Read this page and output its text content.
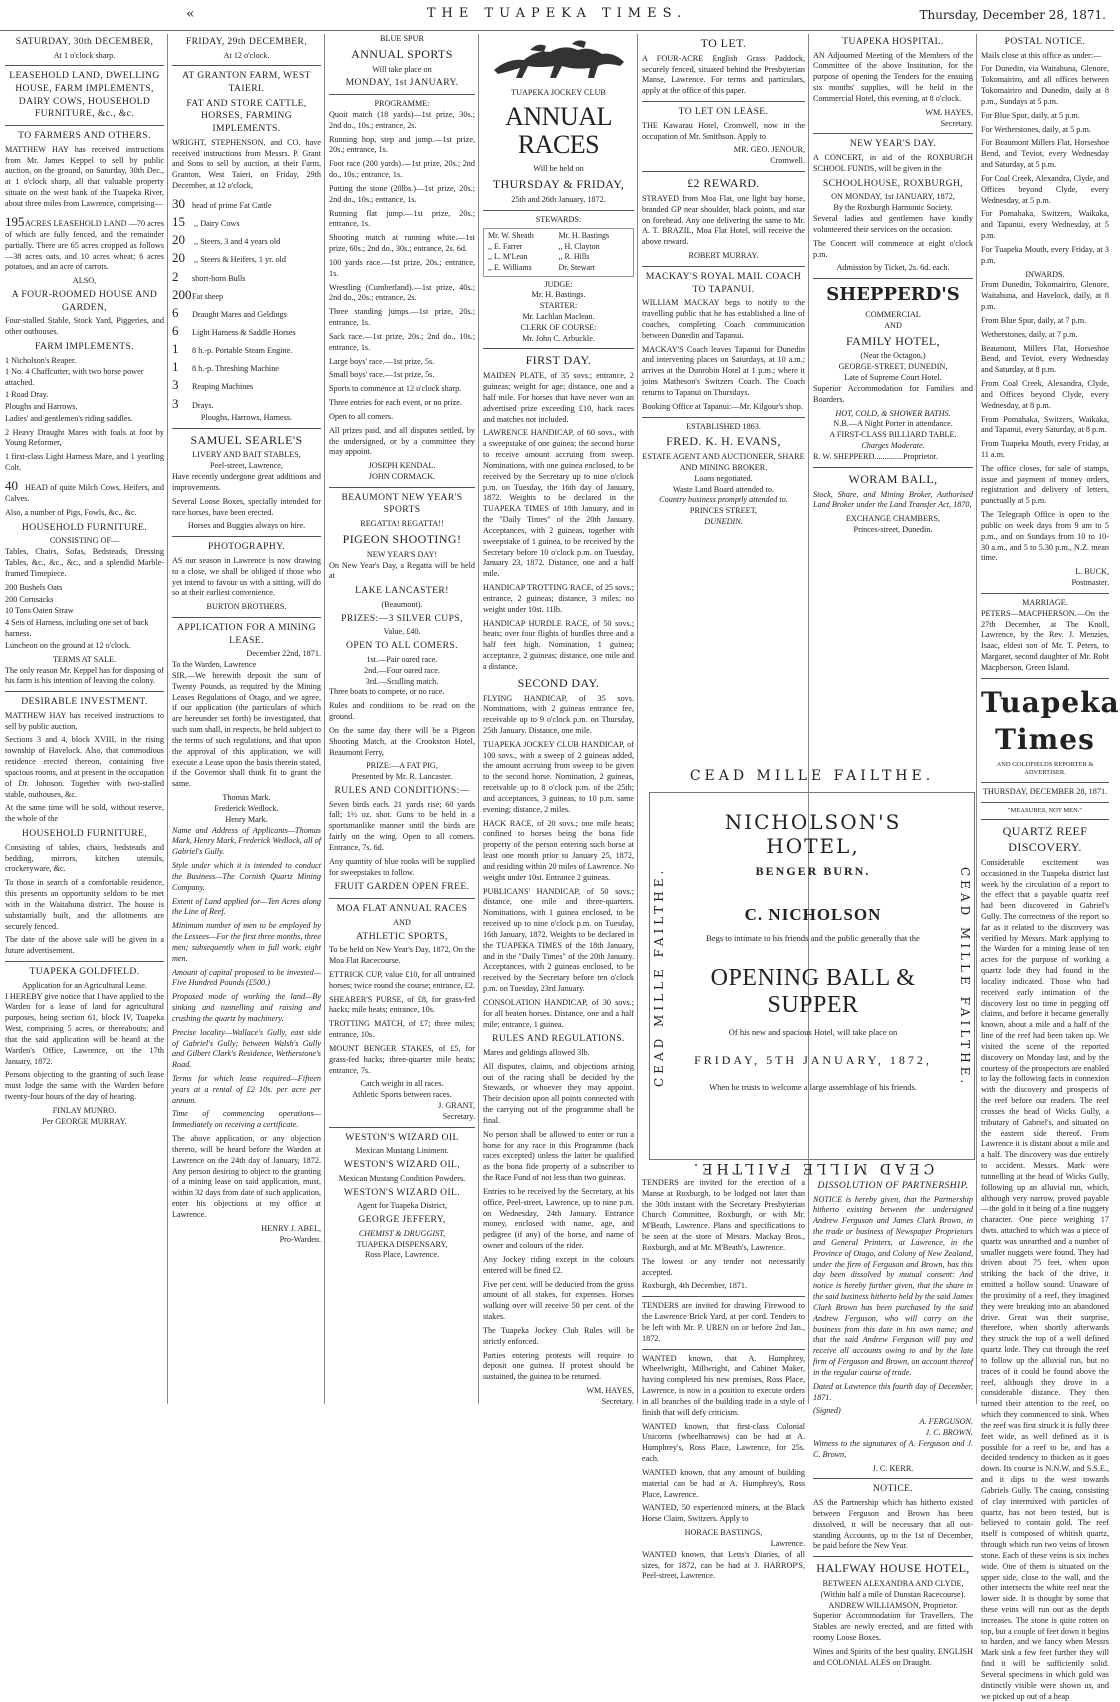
«	THE TUAPEKA TIMES.	Thursday, December 28, 1871.
SATURDAY, 30th DECEMBER,
At 1 o'clock sharp.
LEASEHOLD LAND, DWELLING HOUSE, FARM IMPLEMENTS, DAIRY COWS, HOUSEHOLD FURNITURE, &c., &c.
TO FARMERS AND OTHERS.

MATTHEW HAY has received instructions from Mr. James Keppel to sell by public auction, on the ground, on Saturday, 30th Dec., at 1 o'clock sharp, all that valuable property situate on the west bank of the Tuapeka River, about three miles from Lawrence, comprising—

195ACRES LEASEHOLD LAND —70 acres of which are fully fenced, and the remainder partially. There are 65 acres cropped as follows —38 acres oats, and 10 acres wheat; 6 acres potatoes, and an acre of carrots.

ALSO,
A FOUR-ROOMED HOUSE AND GARDEN,

Four-stalled Stable, Stock Yard, Piggeries, and other outhouses.

FARM IMPLEMENTS.
1 Nicholson's Reaper.
1 No. 4 Chaffcutter, with two horse power attached.
1 Road Dray.
Ploughs and Harrows.

Ladies' and gentlemen's riding saddles.

2 Heavy Draught Mares with foals at foot by Young Reformer,

1 first-class Light Harness Mare, and 1 yearling Colt.

40 HEAD of quite Milch Cows, Heifers, and Calves.

Also, a number of Pigs, Fowls, &c., &c.

HOUSEHOLD FURNITURE.
CONSISTING OF—

Tables, Chairs, Sofas, Bedsteads, Dressing Tables, &c., &c., &c., and a splendid Marble-framed Timepiece.

200 Bushels Oats
200 Cornsacks
10 Tons Oaten Straw
4 Sets of Harness, including one set of back harness.

Luncheon on the ground at 12 o'clock.

TERMS AT SALE.

The only reason Mr. Keppel has for disposing of his farm is his intention of leaving the colony.

DESIRABLE INVESTMENT.

MATTHEW HAY has received instructions to sell by public auction,

Sections 3 and 4, block XVIII, in the rising township of Havelock. Also, that commodious residence erected thereon, containing five spacious rooms, and at present in the occupation of Dr. Johnson. Together with two-stalled stable, outhouses, &c.

At the same time will be sold, without reserve, the whole of the

HOUSEHOLD FURNITURE,

Consisting of tables, chairs, bedsteads and bedding, mirrors, kitchen utensils, crockeryware, &c.

To those in search of a comfortable residence, this presents an opportunity seldom to be met with in the Waitahuna district. The house is substantially built, and the allotments are securely fenced.

The date of the above sale will be given in a future advertisement.

TUAPEKA GOLDFIELD.
Application for an Agricultural Lease.

I HEREBY give notice that I have applied to the Warden for a lease of land for agricultural purposes, being section 61, block IV, Tuapeka West, comprising 5 acres, or thereabouts; and that the said application will be heard at the Warden's Office, Lawrence, on the 17th January, 1872.

Persons objecting to the granting of such lease must lodge the same with the Warden before twenty-four hours of the day of hearing.

FINLAY MUNRO.
Per GEORGE MURRAY.
FRIDAY, 29th DECEMBER,
At 12 o'clock.
AT GRANTON FARM, WEST TAIERI.
FAT AND STORE CATTLE, HORSES, FARMING IMPLEMENTS.

WRIGHT, STEPHENSON, and CO. have received instructions from Messrs. P. Grant and Sons to sell by auction, at their Farm, Granton, West Taieri, on Friday, 29th December, at 12 o'clock,

30 head of prime Fat Cattle
15 ,, Dairy Cows
20 ,, Steers, 3 and 4 years old
20 ,, Steers & Heifers, 1 yr. old
2 short-horn Bulls
200Fat sheep
6 Draught Mares and Geldings
6 Light Harness & Saddle Horses
1 8 h.-p. Portable Steam Engine.
1 8 h.-p. Threshing Machine
3 Reaping Machines
3 Drays.
Ploughs, Harrows, Harness.
SAMUEL SEARLE'S
LIVERY AND BAIT STABLES,
Peel-street, Lawrence,

Have recently undergone great additions and improvements.

Several Loose Boxes, specially intended for race horses, have been erected.

Horses and Buggies always on hire.
PHOTOGRAPHY.

AS our season in Lawrence is now drawing to a close, we shall be obliged if those who yet intend to favour us with a sitting, will do so at their earliest convenience.

BURTON BROTHERS.
APPLICATION FOR A MINING LEASE.
December 22nd, 1871.
To the Warden, Lawrence

SIR,—We herewith deposit the sum of Twenty Pounds, as required by the Mining Leases Regulations of Otago, and we agree, if our application (the particulars of which are hereunder set forth) be investigated, that such sum shall, in respects, be held subject to the terms of such regulations, and that upon the approval of this application, we will execute a Lease upon the basis therein stated, if the Governor shall think fit to grant the same.

Thomas Mark.
Frederick Wedlock.
Henry Mark.

Name and Address of Applicants—Thomas Mark, Henry Mark, Frederick Wedlock, all of Gabriel's Gully.

Style under which it is intended to conduct the Business—The Cornish Quartz Mining Company.

Extent of Land applied for—Ten Acres along the Line of Reef.

Minimum number of men to be employed by the Lessees—For the first three months, three men; subsequently when in full work, eight men.

Amount of capital proposed to be invested—Five Hundred Pounds (£500.)

Proposed mode of working the land—By sinking and tunnelling and raising and crushing the quartz by machinery.

Precise locality—Wallace's Gully, east side of Gabriel's Gully; between Walsh's Gully and Gilbert Clark's Residence, Wetherstone's Road.

Terms for which lease required—Fifteen years at a rental of £2 10s. per acre per annum.

Time of commencing operations—Immediately on receiving a certificate.

The above application, or any objection thereto, will be heard before the Warden at Lawrence on the 24th day of January, 1872. Any person desiring to object to the granting of a mining lease on said application, must, within 32 days from date of such application, enter his objections at my office at Lawrence.

HENRY J. ABEL,
Pro-Warden.
BLUE SPUR
ANNUAL SPORTS
Will take place on
MONDAY, 1st JANUARY.
PROGRAMME:

Quoit match (18 yards)—1st prize, 30s.; 2nd do., 10s.; entrance, 2s.

Running hop, step and jump.—1st prize, 20s.; entrance, 1s.

Foot race (200 yards).—1st prize, 20s.; 2nd do., 10s.; entrance, 1s.

Putting the stone (20lbs.)—1st prize, 20s.; 2nd do., 10s.; entrance, 1s.

Running flat jump.—1st prize, 20s.; entrance, 1s.

Shooting match at running white.—1st prize, 60s.; 2nd do., 30s.; entrance, 2s. 6d.

100 yards race.—1st prize, 20s.; entrance, 1s.

Wrestling (Cumberland).—1st prize, 40s.; 2nd do., 20s.; entrance, 2s.

Three standing jumps.—1st prize, 20s.; entrance, 1s.

Sack race.—1st prize, 20s.; 2nd do., 10s.; entrance, 1s.

Large boys' race.—1st prize, 5s.

Small boys' race.—1st prize, 5s.

Sports to commence at 12 o'clock sharp.

Three entries for each event, or no prize.

Open to all comers.

All prizes paid, and all disputes settled, by the undersigned, or by a committee they may appoint.

JOSEPH KENDAL.
JOHN CORMACK.
BEAUMONT NEW YEAR'S SPORTS
REGATTA! REGATTA!!
PIGEON SHOOTING!
NEW YEAR'S DAY!

On New Year's Day, a Regatta will be held at

LAKE LANCASTER!
(Beaumont).
PRIZES:—3 SILVER CUPS,
Value, £40.
OPEN TO ALL COMERS.
1st.—Pair oared race.
2nd.—Four oared race.
3rd.—Sculling match.

Three boats to compete, or no race.

Rules and conditions to be read on the ground.

On the same day there will be a Pigeon Shooting Match, at the Crookston Hotel, Beaumont Ferry,

PRIZE:—A FAT PIG,
Presented by Mr. R. Lancaster.
RULES AND CONDITIONS:—

Seven birds each. 21 yards rise; 60 yards fall; 1½ oz. shot. Guns to be held in a sportsmanlike manner until the birds are fairly on the wing. Open to all comers. Entrance, 7s. 6d.

Any quantity of blue rooks will be supplied for sweepstakes to follow.

FRUIT GARDEN OPEN FREE.
MOA FLAT ANNUAL RACES
AND
ATHLETIC SPORTS,

To be held on New Year's Day, 1872, On the Moa Flat Racecourse.

ETTRICK CUP, value £10, for all untrained horses; twice round the course; entrance, £2.

SHEARER'S PURSE, of £8, for grass-fed hacks; mile heats; entrance, 10s.

TROTTING MATCH, of £7; three miles; entrance, 10s.

MOUNT BENGER STAKES, of £5, for grass-fed hacks; three-quarter mile heats; entrance, 7s.

Catch weight in all races.
Athletic Sports between races.
J. GRANT,
Secretary.
WESTON'S WIZARD OIL
Mexican Mustang Liniment.
WESTON'S WIZARD OIL,
Mexican Mustang Condition Powders.
WESTON'S WIZARD OIL.
Agent for Tuapeka District,
GEORGE JEFFERY,
CHEMIST & DRUGGIST,
TUAPEKA DISPENSARY,
Ross Place, Lawrence.
TUAPEKA JOCKEY CLUB
ANNUAL RACES
Will be held on
THURSDAY & FRIDAY,
25th and 26th January, 1872.
STEWARDS:
Mr. W. Sheath	Mr. H. Bastings
,, E. Farrer	,, H. Clayton
,, L. M'Lean	,, R. Hills
,, E. Williams	Dr. Stewart
JUDGE:
Mr. H. Bastings.
STARTER:
Mr. Lachlan Maclean.
CLERK OF COURSE:
Mr. John C. Arbuckle.
FIRST DAY.

MAIDEN PLATE, of 35 sovs.; entrance, 2 guineas; weight for age; distance, one and a half mile. For horses that have never won an advertised prize exceeding £10, hack races and matches not included.

LAWRENCE HANDICAP, of 60 sovs., with a sweepstake of one guinea; the second horse to receive amount accruing from sweep. Nominations, with one guinea enclosed, to be received by the Secretary up to nine o'clock p.m. on Tuesday, the 16th day of January, 1872. Weights to be declared in the TUAPEKA TIMES of 18th January, and in the "Daily Times" of the 20th January. Acceptances, with 2 guineas, together with sweepstake of 1 guinea, to be received by the Secretary before 10 o'clock p.m. on Tuesday, January 23, 1872. Distance, one and a half mile.

HANDICAP TROTTING RACE, of 25 sovs.; entrance, 2 guineas; distance, 3 miles; no weight under 10st. 11lb.

HANDICAP HURDLE RACE, of 50 sovs.; heats; over four flights of hurdles three and a half feet high. Nomination, 1 guinea; acceptance, 2 guineas; distance, one mile and a distance.

SECOND DAY.

FLYING HANDICAP, of 35 sovs. Nominations, with 2 guineas entrance fee, receivable up to 9 o'clock p.m. on Thursday, 25th January. Distance, one mile.

TUAPEKA JOCKEY CLUB HANDICAP, of 100 sovs., with a sweep of 2 guineas added, the amount accruing from sweep to be given to the second horse. Nomination, 2 guineas, receivable up to 8 o'clock p.m. of the 25th; and acceptances, 3 guineas, to 10 p.m. same evening; distance, 2 miles.

HACK RACE, of 20 sovs.; one mile heats; confined to horses being the bona fide property of the person entering such horse at least one month prior to January 25, 1872, and residing within 20 miles of Lawrence. No weight under 10st. Entrance 2 guineas.

PUBLICANS' HANDICAP, of 50 sovs.; distance, one mile and three-quarters. Nominations, with 1 guinea enclosed, to be received up to nine o'clock p.m. on Tuesday, 16th January, 1872. Weights to be declared in the TUAPEKA TIMES of the 18th January, and in the "Daily Times" of the 20th January. Acceptances, with 2 guineas enclosed, to be received by the Secretary before ten o'clock p.m. on Tuesday, 23rd January.

CONSOLATION HANDICAP, of 30 sovs.; for all beaten horses. Distance, one and a half mile; entrance, 1 guinea.

RULES AND REGULATIONS.

Mares and geldings allowed 3lb.

All disputes, claims, and objections arising out of the racing shall be decided by the Stewards, or whoever they may appoint. Their decision upon all points connected with the carrying out of the programme shall be final.

No person shall be allowed to enter or run a horse for any race in this Programme (hack races excepted) unless the latter be qualified as the bona fide property of a subscriber to the Race Fund of not less than two guineas.

Entries to be received by the Secretary, at his office, Peel-street, Lawrence, up to nine p.m. on Wednesday, 24th January. Entrance money, enclosed with name, age, and pedigree (if any) of the horse, and name of owner and colours of the rider.

Any Jockey riding except in the colours entered will be fined £2.

Five per cent. will be deducted from the gross amount of all stakes, for expenses. Horses walking over will receive 50 per cent. of the stakes.

The Tuapeka Jockey Club Rules will be strictly enforced.

Parties entering protests will require to deposit one guinea. If protest should be sustained, the guinea to be returned.

WM. HAYES,
Secretary.
TO LET.

A FOUR-ACRE English Grass Paddock, securely fenced, situated behind the Presbyterian Manse, Lawrence. For terms and particulars, apply at the office of this paper.

TO LET ON LEASE.

THE Kawarau Hotel, Cromwell, now in the occupation of Mr. Smithson. Apply to

MR. GEO. JENOUR,
Cromwell.
£2 REWARD.

STRAYED from Moa Flat, one light bay horse, branded GP near shoulder, black points, and star on forehead. Any one delivering the same to Mr. A. T. BRAZIL, Moa Flat Hotel, will receive the above reward.

ROBERT MURRAY.
MACKAY'S ROYAL MAIL COACH TO TAPANUI.

WILLIAM MACKAY begs to notify to the travelling public that he has established a line of coaches, completing Coach communication between Dunedin and Tapanui.

MACKAY'S Coach leaves Tapanui for Dunedin and intervening places on Saturdays, at 10 a.m.; arrives at the Dunrobin Hotel at 1 p.m.; where it joins Matheson's Switzers Coach. The Coach returns to Tapanui on Thursdays.

Booking Office at Tapanui:—Mr. Kilgour's shop.

ESTABLISHED 1863.
FRED. K. H. EVANS,
ESTATE AGENT AND AUCTIONEER, SHARE AND MINING BROKER.
Loans negotiated.
Waste Land Board attended to.
Country business promptly attended to.
PRINCES STREET,
DUNEDIN.
TUAPEKA HOSPITAL.

AN Adjourned Meeting of the Members of the Committee of the above Institution, for the purpose of opening the Tenders for the ensuing six months' supplies, will be held in the Commercial Hotel, this evening, at 8 o'clock.

WM. HAYES,
Secretary.
NEW YEAR'S DAY.

A CONCERT, in aid of the ROXBURGH SCHOOL FUNDS, will be given in the

SCHOOLHOUSE, ROXBURGH,
ON MONDAY, 1st JANUARY, 1872,
By the Roxburgh Harmonic Society.

Several ladies and gentlemen have kindly volunteered their services on the occasion.

The Concert will commence at eight o'clock p.m.

Admission by Ticket, 2s. 6d. each.
SHEPPERD'S
COMMERCIAL
AND
FAMILY HOTEL,
(Near the Octagon,)
GEORGE-STREET, DUNEDIN,
Late of Supreme Court Hotel.

Superior Accommodation for Families and Boarders.

HOT, COLD, & SHOWER BATHS.
N.B.—A Night Porter in attendance.
A FIRST-CLASS BILLIARD TABLE.
Charges Moderate.
R. W. SHEPPERD..............Proprietor.
WORAM BALL,

Stock, Share, and Mining Broker, Authorised Land Broker under the Land Transfer Act, 1870,

EXCHANGE CHAMBERS,
Princes-street, Dunedin.
CEAD MILLE FAILTHE.
CEAD MILLE FAILTHE.	CEAD MILLE FAILTHE.
NICHOLSON'S HOTEL,
BENGER BURN.
C. NICHOLSON
Begs to intimate to his friends and the public generally that the
OPENING BALL & SUPPER
Of his new and spacious Hotel, will take place on
FRIDAY, 5TH JANUARY, 1872,
When he trusts to welcome a large assemblage of his friends.
CEAD MILLE FAILTHE.

TENDERS are invited for the erection of a Manse at Roxburgh, to be lodged not later than the 30th instant with the Secretary Presbyterian Church Committee, Roxburgh, or with Mr. M'Beath, Lawrence. Plans and specifications to be seen at the store of Messrs. Mackay Bros., Roxburgh, and at Mr. M'Beath's, Lawrence.

The lowest or any tender not necessarily accepted.

Roxburgh, 4th December, 1871.

TENDERS are invited for drawing Firewood to the Lawrence Brick Yard, at per cord. Tenders to be left with Mr. P. UREN on or before 2nd Jan., 1872.

WANTED known, that A. Humphrey, Wheelwright, Millwright, and Cabinet Maker, having completed his new premises, Ross Place, Lawrence, is now in a position to execute orders in all branches of the building trade in a style of finish that will defy criticism.

WANTED known, that first-class Colonial Unicorns (wheelbarrows) can be had at A. Humphrey's, Ross Place, Lawrence, for 25s. each.

WANTED known, that any amount of building material can be had at A. Humphrey's, Ross Place, Lawrence.

WANTED, 50 experienced miners, at the Black Horse Claim, Switzers. Apply to

HORACE BASTINGS,
Lawrence.

WANTED known, that Letts's Diaries, of all sizes, for 1872, can be had at J. HARROP'S, Peel-street, Lawrence.

DISSOLUTION OF PARTNERSHIP.

NOTICE is hereby given, that the Partnership hitherto existing between the undersigned Andrew Ferguson and James Clark Brown, in the trade or business of Newspaper Proprietors and General Printers, at Lawrence, in the Province of Otago, and Colony of New Zealand, under the firm of Ferguson and Brown, has this day been dissolved by mutual consent: And notice is hereby further given, that the share in the said business hitherto held by the said James Clark Brown has been purchased by the said Andrew Ferguson, who will carry on the business from this date in his own name; and that the said Andrew Ferguson will pay and receive all accounts owing to and by the late firm of Ferguson and Brown, on account thereof in the regular course of trade.

Dated at Lawrence this fourth day of December, 1871.

(Signed)
A. FERGUSON.
J. C. BROWN.

Witness to the signatures of A. Ferguson and J. C. Brown,

J. C. KERR.
NOTICE.

AS the Partnership which has hitherto existed between Ferguson and Brown has been dissolved, it will be necessary that all out-standing Accounts, up to the 1st of December, be paid before the New Year.

HALFWAY HOUSE HOTEL,
BETWEEN ALEXANDRA AND CLYDE,
(Within half a mile of Dunstan Racecourse).
ANDREW WILLIAMSON, Proprietor.

Superior Accommodation for Travellers. The Stables are newly erected, and are fitted with roomy Loose Boxes.

Wines and Spirits of the best quality. ENGLISH and COLONIAL ALES on Draught.

POSTAL NOTICE.

Mails close at this office as under:—

For Dunedin, via Waitahuna, Glenore, Tokomairiro, and all offices between Tokomairiro and Dunedin, daily at 8 p.m., Sundays at 5 p.m.

For Blue Spur, daily, at 5 p.m.

For Wetherstones, daily, at 5 p.m.

For Beaumont Millers Flat, Horseshoe Bend, and Teviot, every Wednesday and Saturday, at 5 p.m.

For Coal Creek, Alexandra, Clyde, and Offices beyond Clyde, every Wednesday, at 5 p.m.

For Pomahaka, Switzers, Waikaka, and Tapanui, every Wednesday, at 5 p.m.

For Tuapeka Mouth, every Friday, at 3 p.m.

INWARDS.

From Dunedin, Tokomairiro, Glenore, Waitahuna, and Havelock, daily, at 8 p.m.

From Blue Spur, daily, at 7 p.m.

Wetherstones, daily, at 7 p.m.

Beaumont, Millers Flat, Horseshoe Bend, and Teviot, every Wednesday and Saturday, at 8 p.m.

From Coal Creek, Alexandra, Clyde, and Offices beyond Clyde, every Wednesday, at 8 p.m.

From Pomahaka, Switzers, Waikaka, and Tapanui, every Saturday, at 8 p.m.

From Tuapeka Mouth, every Friday, at 11 a.m.

The office closes, for sale of stamps, issue and payment of money orders, registration and delivery of letters, punctually at 5 p.m.

The Telegraph Office is open to the public on week days from 9 am to 5 p.m., and on Sundays from 10 to 10-30 a.m., and 5 to 5.30 p.m., N.Z. mean time.

L. BUCK,
Postmaster.
MARRIAGE.

PETERS—MACPHERSON.—On the 27th December, at The Knoll, Lawrence, by the Rev. J. Menzies, Isaac, eldest son of Mr. T. Peters, to Margaret, second daughter of Mr. Robt Macpherson, Green Island.

Tuapeka Times
AND GOLDFIELDS REPORTER & ADVERTISER.
THURSDAY, DECEMBER 28, 1871.
"MEASURES, NOT MEN."
QUARTZ REEF DISCOVERY.

Considerable excitement was occasioned in the Tuapeka district last week by the circulation of a report to the effect that a payable quartz reef had been discovered in Gabriel's Gully. The correctness of the report so far as it related to the discovery was verified by Messrs. Mark applying to the Warden for a mining lease of ten acres for the purpose of working a quartz lode they had found in the locality indicated. Those who had received early intimation of the discovery lost no time in pegging off claims, and before it became generally known, about a mile and a half of the line of the reef had been taken up. We visited the scene of the reported discovery on Monday last, and by the courtesy of the prospectors are enabled to lay the following facts in connexion with the discovery and prospects of the reef before our readers. The reef crosses the head of Wicks Gully, a tributary of Gabriel's, and situated on the eastern side thereof. From Lawrence it is distant about a mile and a half. The discovery was due entirely to accident. Messrs. Mark were tunnelling at the head of Wicks Gully, following up an alluvial run, which, although very narrow, proved payable—the gold in it being of a fine nuggety character. One piece weighing 17 dwts. attached to which was a piece of quartz was unearthed and a number of smaller nuggets were found. They had driven about 75 feet, when upon striking the back of the drive, it emitted a hollow sound. Unaware of the proximity of a reef, they imagined they were breaking into an abandoned drive. Great was their surprise, therefore, when shortly afterwards they struck the top of a well defined quartz lode. They cut through the reef to follow up the alluvial run, but no traces of it could be found above the reef, although they drove in a considerable distance. They then turned their attention to the reef, on which they commenced to sink. When the reef was first struck it is fully three feet wide, as well defined as it is possible for a reef to be, and has a decided tendency to thicken as it goes down. Its course is N.N.W. and S.S.E., and it dips to the west towards Gabriels Gully. The casing, consisting of clay intermixed with particles of quartz, has not been tested, but is believed to contain gold. The reef itself is composed of whitish quartz, through which run two veins of brown stone. Each of these veins is six inches wide. One of them is situated on the upper side, close to the wall, and the other intersects the white reef near the lower side. It is thought by some that these veins will run out as the depth increases. The stone is quite rotten on top, but a couple of feet down it begins to harden, and we fancy when Messrs Mark sink a few feet further they will find it will be sufficiently solid. Several specimens in which gold was distinctly visible were shown us, and we picked up out of a heap
